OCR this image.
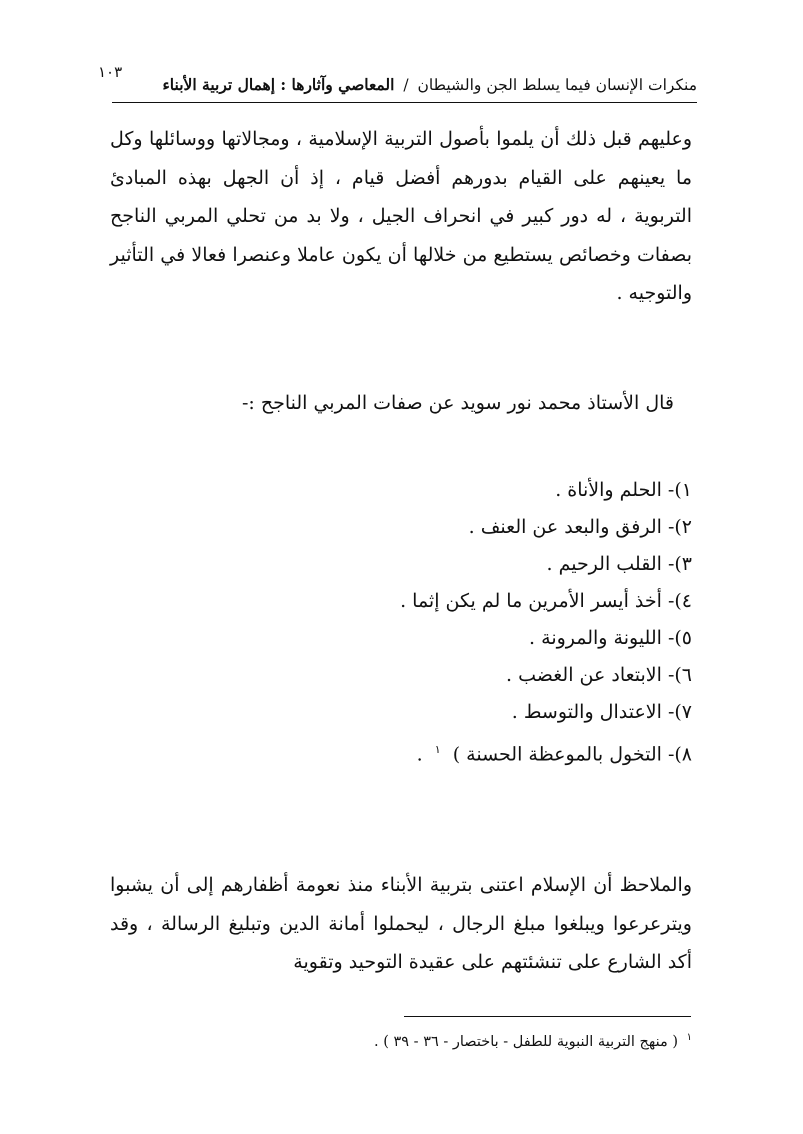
١٠٣
منكرات الإنسان فيما يسلط الجن والشيطان / المعاصي وآثارها : إهمال تربية الأبناء

وعليهم قبل ذلك أن يلموا بأصول التربية الإسلامية ، ومجالاتها ووسائلها وكل ما يعينهم على القيام بدورهم أفضل قيام ، إذ أن الجهل بهذه المبادئ التربوية ، له دور كبير في انحراف الجيل ، ولا بد من تحلي المربي الناجح بصفات وخصائص يستطيع من خلالها أن يكون عاملا وعنصرا فعالا في التأثير والتوجيه .

قال الأستاذ محمد نور سويد عن صفات المربي الناجح :-

١)- الحلم والأناة .
٢)- الرفق والبعد عن العنف .
٣)- القلب الرحيم .
٤)- أخذ أيسر الأمرين ما لم يكن إثما .
٥)- الليونة والمرونة .
٦)- الابتعاد عن الغضب .
٧)- الاعتدال والتوسط .
٨)- التخول بالموعظة الحسنة ) $^١$ .

والملاحظ أن الإسلام اعتنى بتربية الأبناء منذ نعومة أظفارهم إلى أن يشبوا ويترعرعوا ويبلغوا مبلغ الرجال ، ليحملوا أمانة الدين وتبليغ الرسالة ، وقد أكد الشارع على تنشئتهم على عقيدة التوحيد وتقوية

$^١$ ( منهج التربية النبوية للطفل - باختصار - ٣٦ - ٣٩ ) .
